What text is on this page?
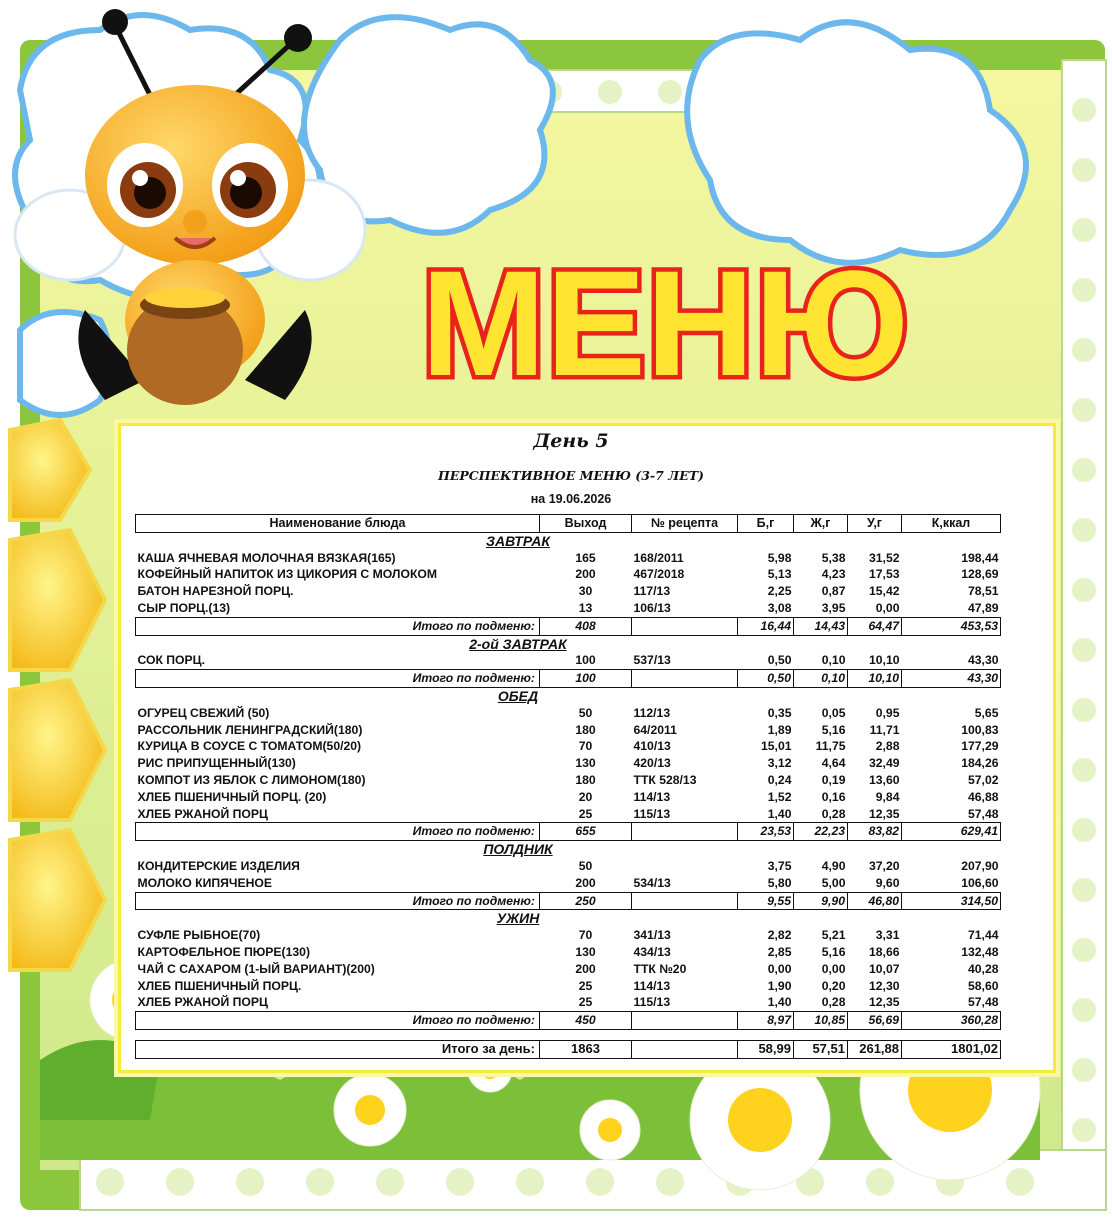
МЕНЮ
День 5
ПЕРСПЕКТИВНОЕ МЕНЮ (3-7 ЛЕТ)
на 19.06.2026
Наименование блюда	Выход	№ рецепта	Б,г	Ж,г	У,г	К,ккал
ЗАВТРАК						
КАША ЯЧНЕВАЯ МОЛОЧНАЯ ВЯЗКАЯ(165)	165	168/2011	5,98	5,38	31,52	198,44
КОФЕЙНЫЙ НАПИТОК ИЗ ЦИКОРИЯ С МОЛОКОМ	200	467/2018	5,13	4,23	17,53	128,69
БАТОН НАРЕЗНОЙ ПОРЦ.	30	117/13	2,25	0,87	15,42	78,51
СЫР ПОРЦ.(13)	13	106/13	3,08	3,95	0,00	47,89
Итого по подменю:	408		16,44	14,43	64,47	453,53
2-ой ЗАВТРАК						
СОК ПОРЦ.	100	537/13	0,50	0,10	10,10	43,30
Итого по подменю:	100		0,50	0,10	10,10	43,30
ОБЕД						
ОГУРЕЦ СВЕЖИЙ (50)	50	112/13	0,35	0,05	0,95	5,65
РАССОЛЬНИК ЛЕНИНГРАДСКИЙ(180)	180	64/2011	1,89	5,16	11,71	100,83
КУРИЦА В СОУСЕ С ТОМАТОМ(50/20)	70	410/13	15,01	11,75	2,88	177,29
РИС ПРИПУЩЕННЫЙ(130)	130	420/13	3,12	4,64	32,49	184,26
КОМПОТ ИЗ ЯБЛОК С ЛИМОНОМ(180)	180	ТТК 528/13	0,24	0,19	13,60	57,02
ХЛЕБ ПШЕНИЧНЫЙ ПОРЦ. (20)	20	114/13	1,52	0,16	9,84	46,88
ХЛЕБ РЖАНОЙ ПОРЦ	25	115/13	1,40	0,28	12,35	57,48
Итого по подменю:	655		23,53	22,23	83,82	629,41
ПОЛДНИК						
КОНДИТЕРСКИЕ ИЗДЕЛИЯ	50		3,75	4,90	37,20	207,90
МОЛОКО КИПЯЧЕНОЕ	200	534/13	5,80	5,00	9,60	106,60
Итого по подменю:	250		9,55	9,90	46,80	314,50
УЖИН						
СУФЛЕ РЫБНОЕ(70)	70	341/13	2,82	5,21	3,31	71,44
КАРТОФЕЛЬНОЕ ПЮРЕ(130)	130	434/13	2,85	5,16	18,66	132,48
ЧАЙ С САХАРОМ (1-ЫЙ ВАРИАНТ)(200)	200	ТТК №20	0,00	0,00	10,07	40,28
ХЛЕБ ПШЕНИЧНЫЙ ПОРЦ.	25	114/13	1,90	0,20	12,30	58,60
ХЛЕБ РЖАНОЙ ПОРЦ	25	115/13	1,40	0,28	12,35	57,48
Итого по подменю:	450		8,97	10,85	56,69	360,28

Итого за день:	1863		58,99	57,51	261,88	1801,02
